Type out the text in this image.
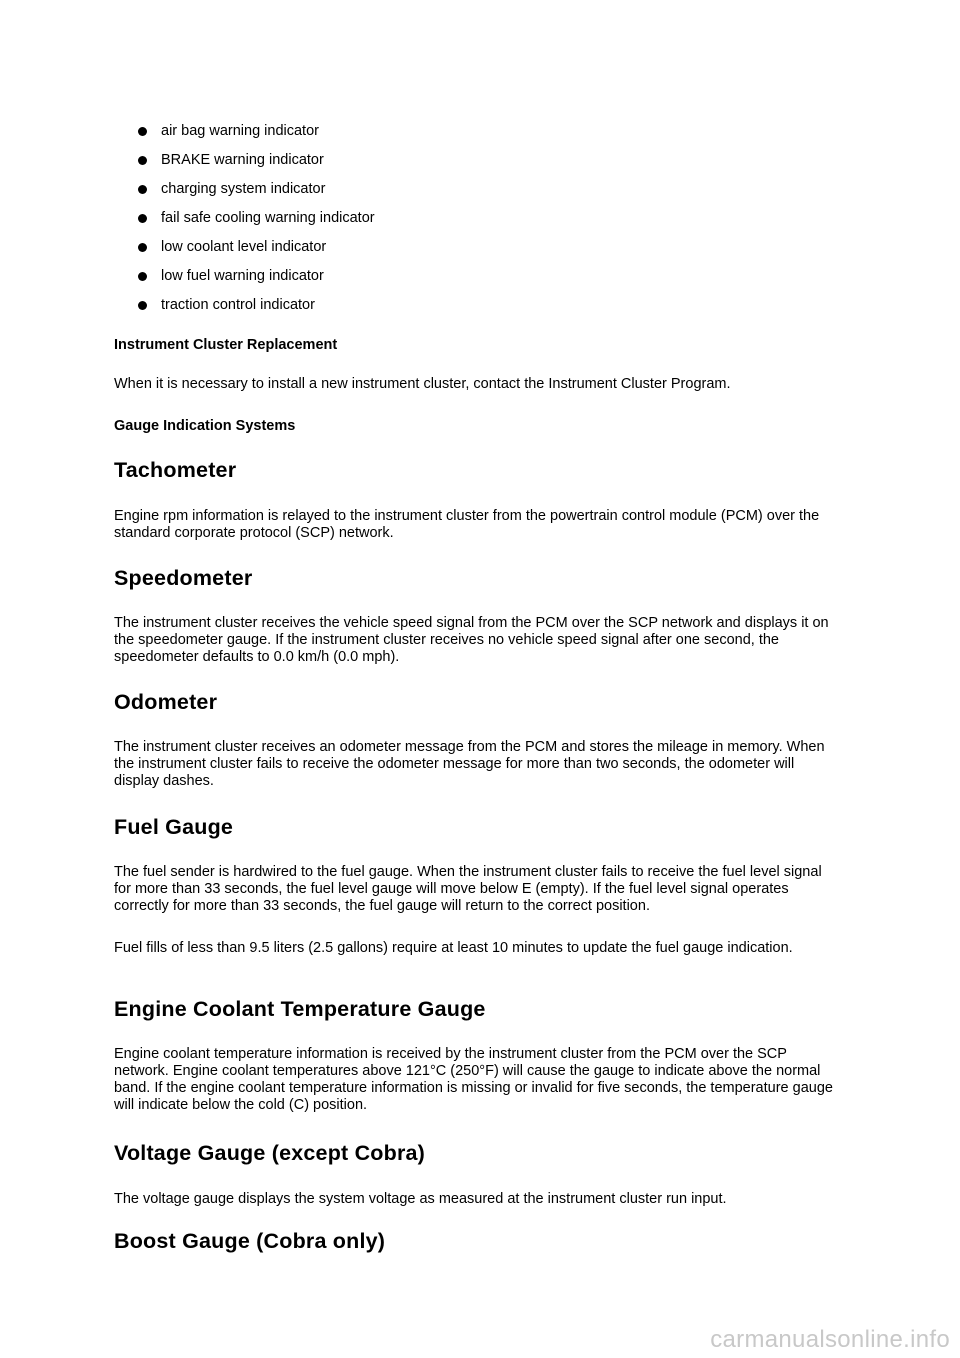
air bag warning indicator
BRAKE warning indicator
charging system indicator
fail safe cooling warning indicator
low coolant level indicator
low fuel warning indicator
traction control indicator
Instrument Cluster Replacement

When it is necessary to install a new instrument cluster, contact the Instrument Cluster Program.

Gauge Indication Systems
Tachometer

Engine rpm information is relayed to the instrument cluster from the powertrain control module (PCM) over the standard corporate protocol (SCP) network.

Speedometer

The instrument cluster receives the vehicle speed signal from the PCM over the SCP network and displays it on the speedometer gauge. If the instrument cluster receives no vehicle speed signal after one second, the speedometer defaults to 0.0 km/h (0.0 mph).

Odometer

The instrument cluster receives an odometer message from the PCM and stores the mileage in memory. When the instrument cluster fails to receive the odometer message for more than two seconds, the odometer will display dashes.

Fuel Gauge

The fuel sender is hardwired to the fuel gauge. When the instrument cluster fails to receive the fuel level signal for more than 33 seconds, the fuel level gauge will move below E (empty). If the fuel level signal operates correctly for more than 33 seconds, the fuel gauge will return to the correct position.

Fuel fills of less than 9.5 liters (2.5 gallons) require at least 10 minutes to update the fuel gauge indication.

Engine Coolant Temperature Gauge

Engine coolant temperature information is received by the instrument cluster from the PCM over the SCP network. Engine coolant temperatures above 121°C (250°F) will cause the gauge to indicate above the normal band. If the engine coolant temperature information is missing or invalid for five seconds, the temperature gauge will indicate below the cold (C) position.

Voltage Gauge (except Cobra)

The voltage gauge displays the system voltage as measured at the instrument cluster run input.

Boost Gauge (Cobra only)
carmanualsonline.info
